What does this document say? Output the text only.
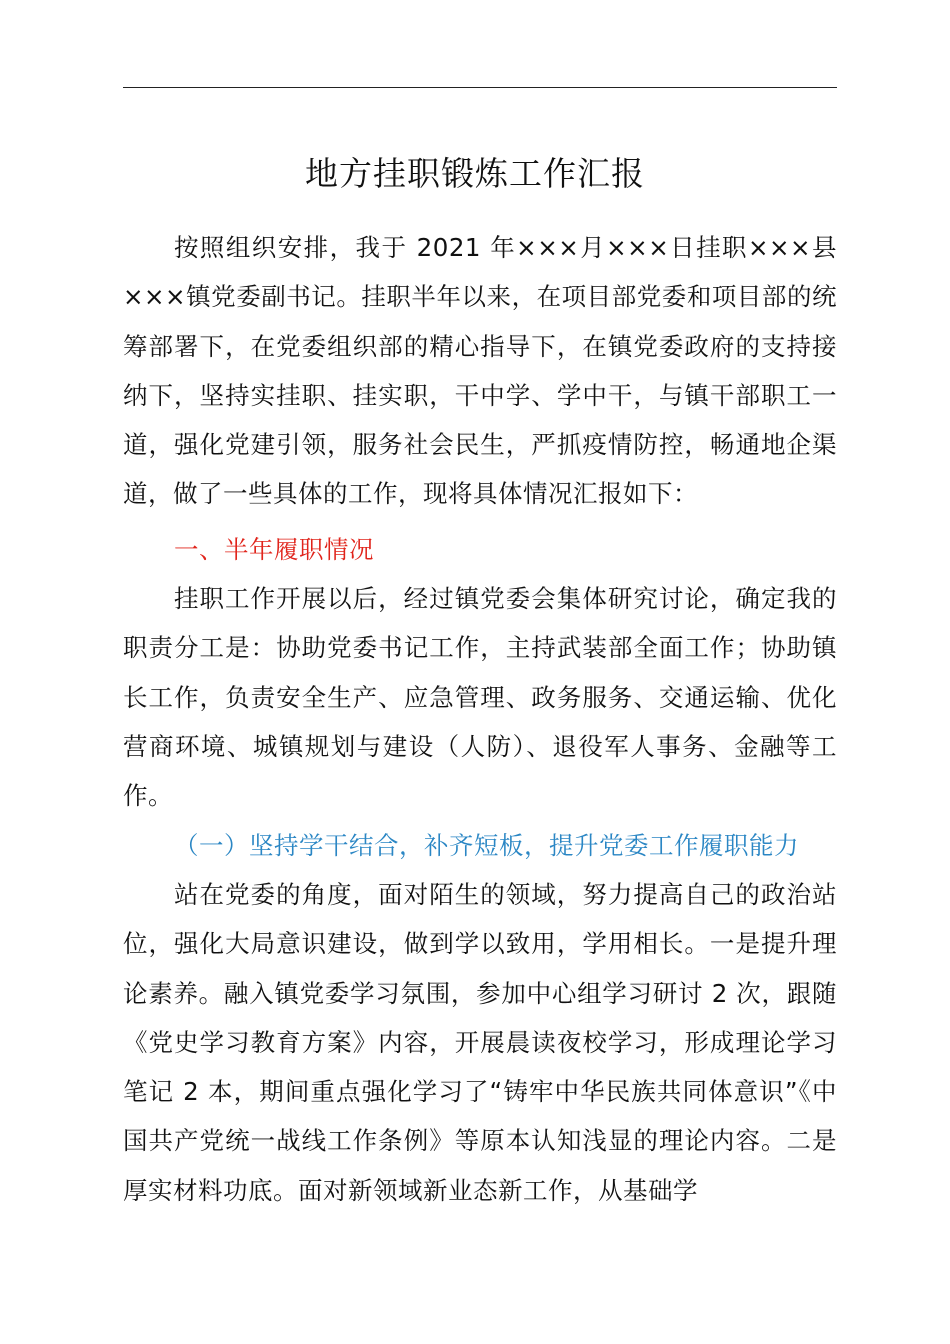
地方挂职锻炼工作汇报
按照组织安排，我于 2021 年×××月×××日挂职×××县×××镇党委副书记。挂职半年以来，在项目部党委和项目部的统筹部署下，在党委组织部的精心指导下，在镇党委政府的支持接纳下，坚持实挂职、挂实职，干中学、学中干，与镇干部职工一道，强化党建引领，服务社会民生，严抓疫情防控，畅通地企渠道，做了一些具体的工作，现将具体情况汇报如下：
一、半年履职情况
挂职工作开展以后，经过镇党委会集体研究讨论，确定我的职责分工是：协助党委书记工作，主持武装部全面工作；协助镇长工作，负责安全生产、应急管理、政务服务、交通运输、优化营商环境、城镇规划与建设（人防）、退役军人事务、金融等工作。
（一）坚持学干结合，补齐短板，提升党委工作履职能力
站在党委的角度，面对陌生的领域，努力提高自己的政治站位，强化大局意识建设，做到学以致用，学用相长。一是提升理论素养。融入镇党委学习氛围，参加中心组学习研讨 2 次，跟随《党史学习教育方案》内容，开展晨读夜校学习，形成理论学习笔记 2 本，期间重点强化学习了“铸牢中华民族共同体意识”《中国共产党统一战线工作条例》等原本认知浅显的理论内容。二是厚实材料功底。面对新领域新业态新工作，从基础学
